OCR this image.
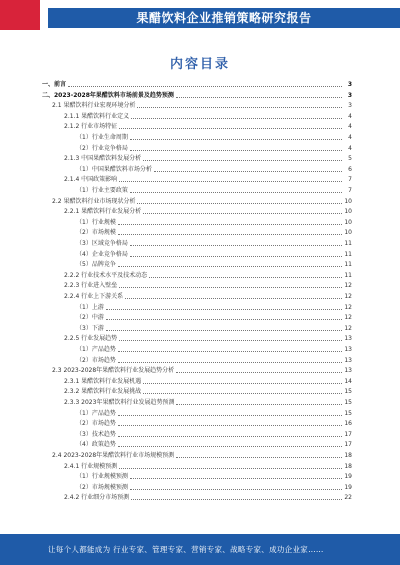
果醋饮料企业推销策略研究报告
内容目录
一、前言	3
二、2023-2028年果醋饮料市场前景及趋势预测	3
2.1 果醋饮料行业宏观环境分析	3
2.1.1 果醋饮料行业定义	4
2.1.2 行业市场特征	4
（1）行业生命周期	4
（2）行业竞争格局	4
2.1.3 中国果醋饮料发展分析	5
（1）中国果醋饮料市场分析	6
2.1.4 中国政策影响	7
（1）行业主要政策	7
2.2 果醋饮料行业市场现状分析	10
2.2.1 果醋饮料行业发展分析	10
（1）行业规模	10
（2）市场规模	10
（3）区域竞争格局	11
（4）企业竞争格局	11
（5）品牌竞争	11
2.2.2 行业技术水平及技术动态	11
2.2.3 行业进入壁垒	12
2.2.4 行业上下游关系	12
（1）上游	12
（2）中游	12
（3）下游	12
2.2.5 行业发展趋势	13
（1）产品趋势	13
（2）市场趋势	13
2.3 2023-2028年果醋饮料行业发展趋势分析	13
2.3.1 果醋饮料行业发展机遇	14
2.3.2 果醋饮料行业发展挑战	15
2.3.3 2023年果醋饮料行业发展趋势预测	15
（1）产品趋势	15
（2）市场趋势	16
（3）技术趋势	17
（4）政策趋势	17
2.4 2023-2028年果醋饮料行业市场规模预测	18
2.4.1 行业规模预测	18
（1）行业规模预测	19
（2）市场规模预测	19
2.4.2 行业细分市场预测	22
让每个人都能成为 行业专家、管理专家、营销专家、战略专家、成功企业家……
